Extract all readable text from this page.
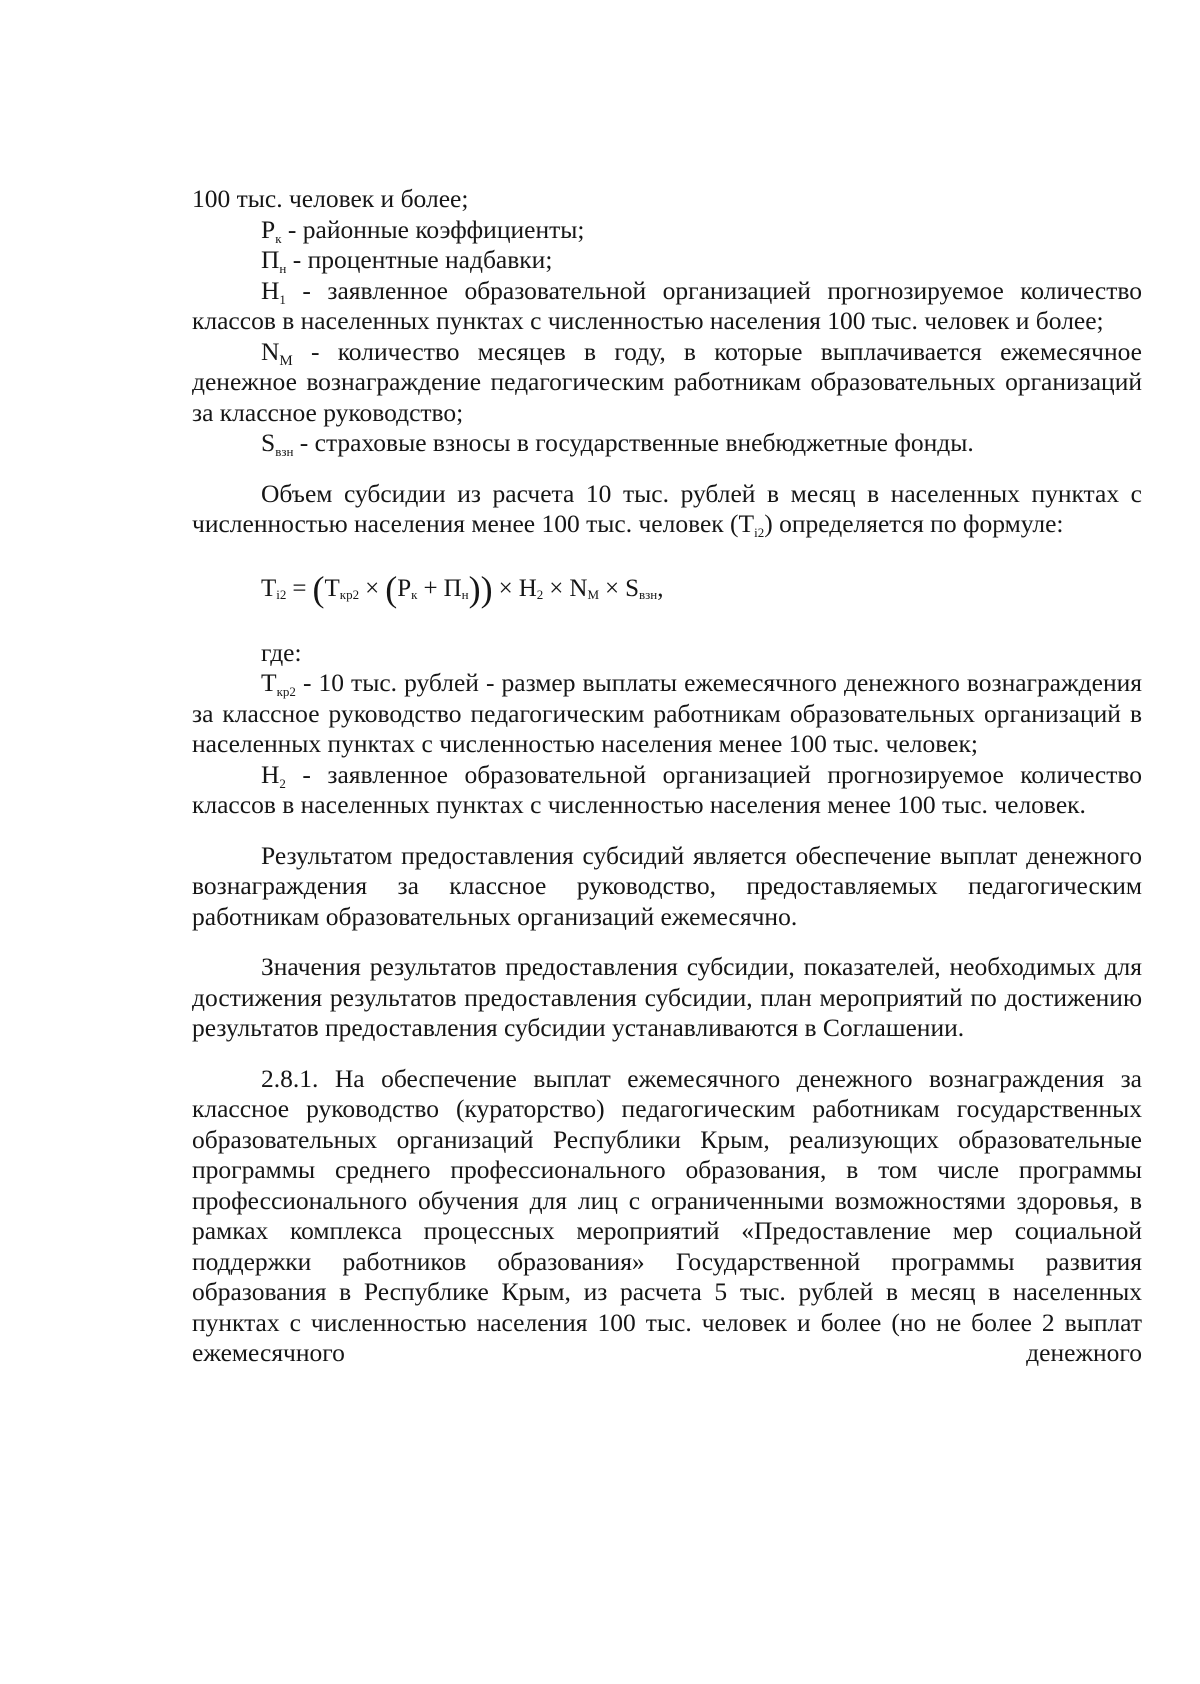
100 тыс. человек и более;

$Р_к$ - районные коэффициенты;

$П_н$ - процентные надбавки;

$Н_1$ - заявленное образовательной организацией прогнозируемое количество классов в населенных пунктах с численностью населения 100 тыс. человек и более;

$N_M$ - количество месяцев в году, в которые выплачивается ежемесячное денежное вознаграждение педагогическим работникам образовательных организаций за классное руководство;

$S_{взн}$ - страховые взносы в государственные внебюджетные фонды.

Объем субсидии из расчета 10 тыс. рублей в месяц в населенных пунктах с численностью населения менее 100 тыс. человек $(Т_{i2})$ определяется по формуле:

$Т_{i2}$ = ( $Т_{кр2}$ × ( $Р_к + П_н$ )) × $Н_2 \times N_M \times S_{взн}$ ,

где:

$Т_{кр2} - 10$ тыс. рублей - размер выплаты ежемесячного денежного вознаграждения за классное руководство педагогическим работникам образовательных организаций в населенных пунктах с численностью населения менее 100 тыс. человек;

$Н_2$ - заявленное образовательной организацией прогнозируемое количество классов в населенных пунктах с численностью населения менее 100 тыс. человек.

Результатом предоставления субсидий является обеспечение выплат денежного вознаграждения за классное руководство, предоставляемых педагогическим работникам образовательных организаций ежемесячно.

Значения результатов предоставления субсидии, показателей, необходимых для достижения результатов предоставления субсидии, план мероприятий по достижению результатов предоставления субсидии устанавливаются в Соглашении.

2.8.1. На обеспечение выплат ежемесячного денежного вознаграждения за классное руководство (кураторство) педагогическим работникам государственных образовательных организаций Республики Крым, реализующих образовательные программы среднего профессионального образования, в том числе программы профессионального обучения для лиц с ограниченными возможностями здоровья, в рамках комплекса процессных мероприятий «Предоставление мер социальной поддержки работников образования» Государственной программы развития образования в Республике Крым, из расчета 5 тыс. рублей в месяц в населенных пунктах с численностью населения 100 тыс. человек и более (но не более 2 выплат ежемесячного денежного
